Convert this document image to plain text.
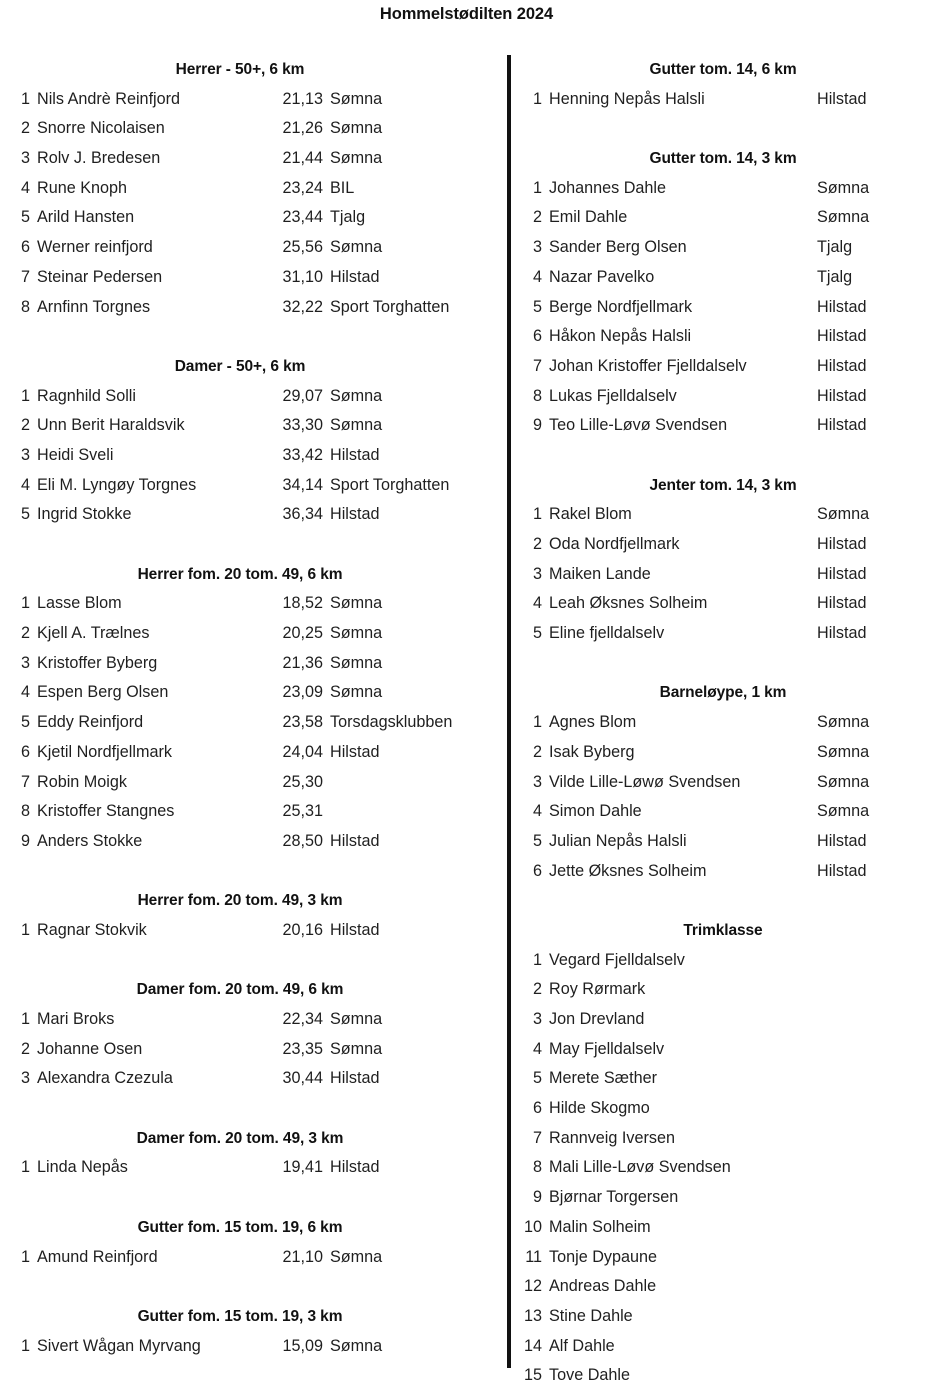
Hommelstødilten 2024
Herrer - 50+, 6 km
1 Nils Andrè Reinfjord	21,13 Sømna
2 Snorre Nicolaisen	21,26 Sømna
3 Rolv J. Bredesen	21,44 Sømna
4 Rune Knoph	23,24 BIL
5 Arild Hansten	23,44 Tjalg
6 Werner reinfjord	25,56 Sømna
7 Steinar Pedersen	31,10 Hilstad
8 Arnfinn Torgnes	32,22 Sport Torghatten
Damer - 50+, 6 km
1 Ragnhild Solli	29,07 Sømna
2 Unn Berit Haraldsvik	33,30 Sømna
3 Heidi Sveli	33,42 Hilstad
4 Eli M. Lyngøy Torgnes	34,14 Sport Torghatten
5 Ingrid Stokke	36,34 Hilstad
Herrer fom. 20 tom. 49, 6 km
1 Lasse Blom	18,52 Sømna
2 Kjell A. Trælnes	20,25 Sømna
3 Kristoffer Byberg	21,36 Sømna
4 Espen Berg Olsen	23,09 Sømna
5 Eddy Reinfjord	23,58 Torsdagsklubben
6 Kjetil Nordfjellmark	24,04 Hilstad
7 Robin Moigk	25,30
8 Kristoffer Stangnes	25,31
9 Anders Stokke	28,50 Hilstad
Herrer fom. 20 tom. 49, 3 km
1 Ragnar Stokvik	20,16 Hilstad
Damer fom. 20 tom. 49, 6 km
1 Mari Broks	22,34 Sømna
2 Johanne Osen	23,35 Sømna
3 Alexandra Czezula	30,44 Hilstad
Damer fom. 20 tom. 49, 3 km
1 Linda Nepås	19,41 Hilstad
Gutter fom. 15 tom. 19, 6 km
1 Amund Reinfjord	21,10 Sømna
Gutter fom. 15 tom. 19, 3 km
1 Sivert Wågan Myrvang	15,09 Sømna
Gutter tom. 14, 6 km
1 Henning Nepås Halsli	Hilstad
Gutter tom. 14, 3 km
1 Johannes Dahle	Sømna
2 Emil Dahle	Sømna
3 Sander Berg Olsen	Tjalg
4 Nazar Pavelko	Tjalg
5 Berge Nordfjellmark	Hilstad
6 Håkon Nepås Halsli	Hilstad
7 Johan Kristoffer Fjelldalselv	Hilstad
8 Lukas Fjelldalselv	Hilstad
9 Teo Lille-Løvø Svendsen	Hilstad
Jenter tom. 14, 3 km
1 Rakel Blom	Sømna
2 Oda Nordfjellmark	Hilstad
3 Maiken Lande	Hilstad
4 Leah Øksnes Solheim	Hilstad
5 Eline fjelldalselv	Hilstad
Barneløype, 1 km
1 Agnes Blom	Sømna
2 Isak Byberg	Sømna
3 Vilde Lille-Løwø Svendsen	Sømna
4 Simon Dahle	Sømna
5 Julian Nepås Halsli	Hilstad
6 Jette Øksnes Solheim	Hilstad
Trimklasse
1 Vegard Fjelldalselv
2 Roy Rørmark
3 Jon Drevland
4 May Fjelldalselv
5 Merete Sæther
6 Hilde Skogmo
7 Rannveig Iversen
8 Mali Lille-Løvø Svendsen
9 Bjørnar Torgersen
10 Malin Solheim
11 Tonje Dypaune
12 Andreas Dahle
13 Stine Dahle
14 Alf Dahle
15 Tove Dahle
